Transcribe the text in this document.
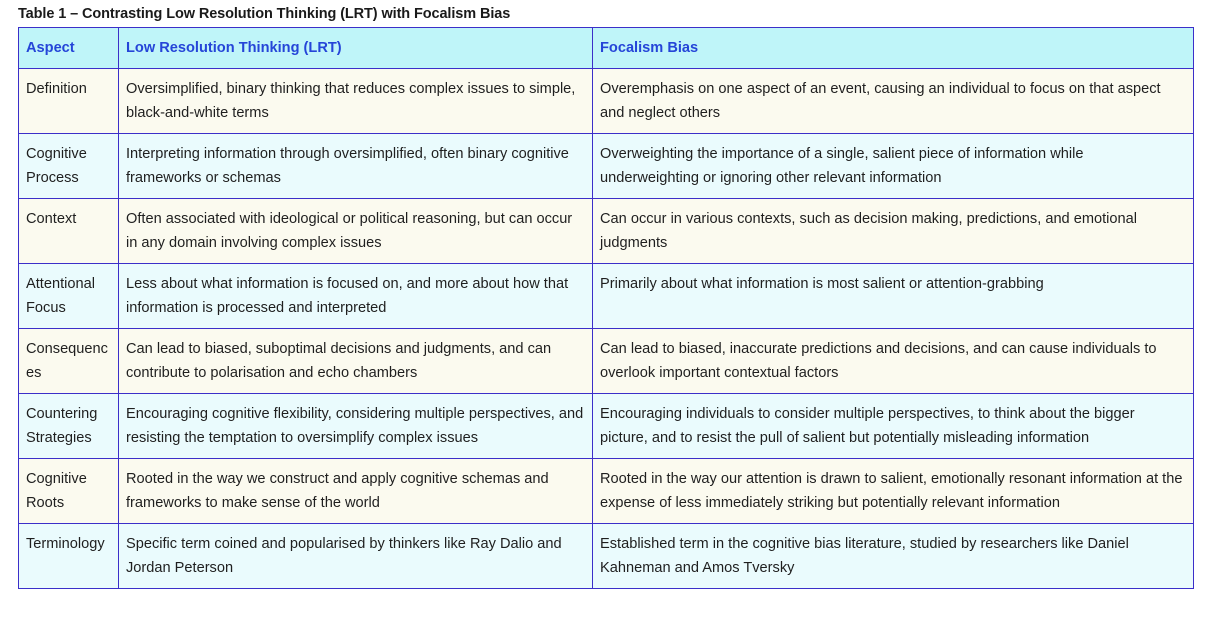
Table 1 – Contrasting Low Resolution Thinking (LRT) with Focalism Bias
Aspect	Low Resolution Thinking (LRT)	Focalism Bias
Definition	Oversimplified, binary thinking that reduces complex issues to simple, black-and-white terms	Overemphasis on one aspect of an event, causing an individual to focus on that aspect and neglect others
Cognitive Process	Interpreting information through oversimplified, often binary cognitive frameworks or schemas	Overweighting the importance of a single, salient piece of information while underweighting or ignoring other relevant information
Context	Often associated with ideological or political reasoning, but can occur in any domain involving complex issues	Can occur in various contexts, such as decision making, predictions, and emotional judgments
Attentional Focus	Less about what information is focused on, and more about how that information is processed and interpreted	Primarily about what information is most salient or attention-grabbing
Consequences	Can lead to biased, suboptimal decisions and judgments, and can contribute to polarisation and echo chambers	Can lead to biased, inaccurate predictions and decisions, and can cause individuals to overlook important contextual factors
Countering Strategies	Encouraging cognitive flexibility, considering multiple perspectives, and resisting the temptation to oversimplify complex issues	Encouraging individuals to consider multiple perspectives, to think about the bigger picture, and to resist the pull of salient but potentially misleading information
Cognitive Roots	Rooted in the way we construct and apply cognitive schemas and frameworks to make sense of the world	Rooted in the way our attention is drawn to salient, emotionally resonant information at the expense of less immediately striking but potentially relevant information
Terminology	Specific term coined and popularised by thinkers like Ray Dalio and Jordan Peterson	Established term in the cognitive bias literature, studied by researchers like Daniel Kahneman and Amos Tversky
